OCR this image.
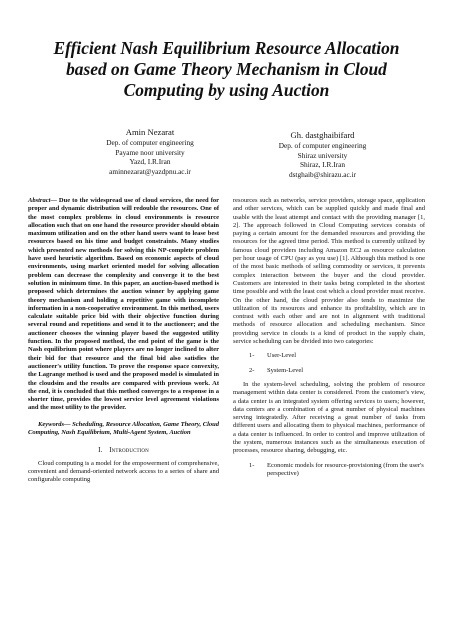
Efficient Nash Equilibrium Resource Allocation
based on Game Theory Mechanism in Cloud
Computing by using Auction
Amin Nezarat
Dep. of computer engineering
Payame noor university
Yazd, I.R.Iran
aminnezarat@yazdpnu.ac.ir
Gh. dastghaibifard
Dep. of computer engineering
Shiraz university
Shiraz, I.R.Iran
dstghaib@shirazu.ac.ir

Abstract— Due to the widespread use of cloud services, the need for proper and dynamic distribution will redouble the resources. One of the most complex problems in cloud environments is resource allocation such that on one hand the resource provider should obtain maximum utilization and on the other hand users want to lease best resources based on his time and budget constraints. Many studies which presented new methods for solving this NP-complete problem have used heuristic algorithm. Based on economic aspects of cloud environments, using market oriented model for solving allocation problem can decrease the complexity and converge it to the best solution in minimum time. In this paper, an auction-based method is proposed which determines the auction winner by applying game theory mechanism and holding a repetitive game with incomplete information in a non-cooperative environment. In this method, users calculate suitable price bid with their objective function during several round and repetitions and send it to the auctioneer; and the auctioneer chooses the winning player based the suggested utility function. In the proposed method, the end point of the game is the Nash equilibrium point where players are no longer inclined to alter their bid for that resource and the final bid also satisfies the auctioneer's utility function. To prove the response space convexity, the Lagrange method is used and the proposed model is simulated in the cloudsim and the results are compared with previous work. At the end, it is concluded that this method converges to a response in a shorter time, provides the lowest service level agreement violations and the most utility to the provider.

Keywords— Scheduling, Resource Allocation, Game Theory, Cloud Computing, Nash Equilibrium, Multi-Agent System, Auction

I. Introduction

Cloud computing is a model for the empowerment of comprehensive, convenient and demand-oriented network access to a series of share and configurable computing

resources such as networks, service providers, storage space, application and other services, which can be supplied quickly and made final and usable with the least attempt and contact with the providing manager [1, 2]. The approach followed in Cloud Computing services consists of paying a certain amount for the demanded resources and providing the resources for the agreed time period. This method is currently utilized by famous cloud providers including Amazon EC2 as resource calculation per hour usage of CPU (pay as you use) [1]. Although this method is one of the most basic methods of selling commodity or services, it prevents complex interaction between the buyer and the cloud provider. Customers are interested in their tasks being completed in the shortest time possible and with the least cost which a cloud provider must receive. On the other hand, the cloud provider also tends to maximize the utilization of its resources and enhance its profitability, which are in contrast with each other and are not in alignment with traditional methods of resource allocation and scheduling mechanism. Since providing service in clouds is a kind of product in the supply chain, service scheduling can be divided into two categories:

1-	User-Level
2-	System-Level

In the system-level scheduling, solving the problem of resource management within data center is considered. From the customer's view, a data center is an integrated system offering services to users; however, data centers are a combination of a great number of physical machines serving integratedly. After receiving a great number of tasks from different users and allocating them to physical machines, performance of a data center is influenced. In order to control and improve utilization of the system, numerous instances such as the simultaneous execution of processes, resource sharing, debugging, etc.

1-	Economic models for resource-provisioning (from the user's perspective)
